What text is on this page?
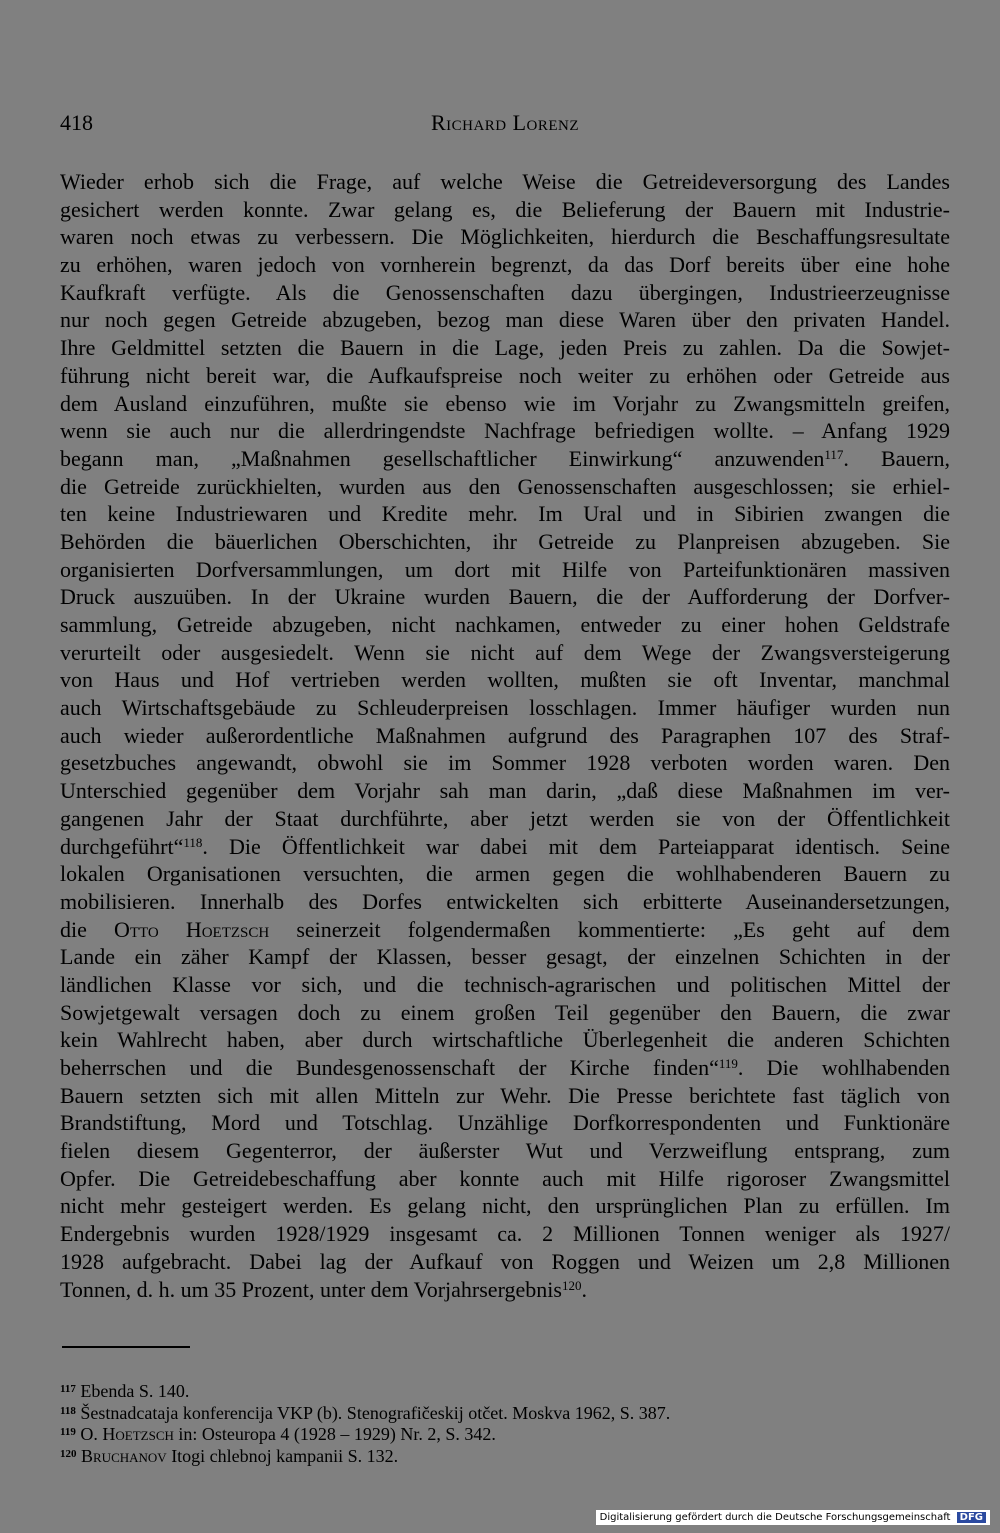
418	Richard Lorenz
Wieder erhob sich die Frage, auf welche Weise die Getreideversorgung des Landes
gesichert werden konnte. Zwar gelang es, die Belieferung der Bauern mit Industrie-
waren noch etwas zu verbessern. Die Möglichkeiten, hierdurch die Beschaffungsresultate
zu erhöhen, waren jedoch von vornherein begrenzt, da das Dorf bereits über eine hohe
Kaufkraft verfügte. Als die Genossenschaften dazu übergingen, Industrieerzeugnisse
nur noch gegen Getreide abzugeben, bezog man diese Waren über den privaten Handel.
Ihre Geldmittel setzten die Bauern in die Lage, jeden Preis zu zahlen. Da die Sowjet-
führung nicht bereit war, die Aufkaufspreise noch weiter zu erhöhen oder Getreide aus
dem Ausland einzuführen, mußte sie ebenso wie im Vorjahr zu Zwangsmitteln greifen,
wenn sie auch nur die allerdringendste Nachfrage befriedigen wollte. – Anfang 1929
begann man, „Maßnahmen gesellschaftlicher Einwirkung“ anzuwenden$^{117}$. Bauern,
die Getreide zurückhielten, wurden aus den Genossenschaften ausgeschlossen; sie erhiel-
ten keine Industriewaren und Kredite mehr. Im Ural und in Sibirien zwangen die
Behörden die bäuerlichen Oberschichten, ihr Getreide zu Planpreisen abzugeben. Sie
organisierten Dorfversammlungen, um dort mit Hilfe von Parteifunktionären massiven
Druck auszuüben. In der Ukraine wurden Bauern, die der Aufforderung der Dorfver-
sammlung, Getreide abzugeben, nicht nachkamen, entweder zu einer hohen Geldstrafe
verurteilt oder ausgesiedelt. Wenn sie nicht auf dem Wege der Zwangsversteigerung
von Haus und Hof vertrieben werden wollten, mußten sie oft Inventar, manchmal
auch Wirtschaftsgebäude zu Schleuderpreisen losschlagen. Immer häufiger wurden nun
auch wieder außerordentliche Maßnahmen aufgrund des Paragraphen 107 des Straf-
gesetzbuches angewandt, obwohl sie im Sommer 1928 verboten worden waren. Den
Unterschied gegenüber dem Vorjahr sah man darin, „daß diese Maßnahmen im ver-
gangenen Jahr der Staat durchführte, aber jetzt werden sie von der Öffentlichkeit
durchgeführt“$^{118}$. Die Öffentlichkeit war dabei mit dem Parteiapparat identisch. Seine
lokalen Organisationen versuchten, die armen gegen die wohlhabenderen Bauern zu
mobilisieren. Innerhalb des Dorfes entwickelten sich erbitterte Auseinandersetzungen,
die Otto Hoetzsch seinerzeit folgendermaßen kommentierte: „Es geht auf dem
Lande ein zäher Kampf der Klassen, besser gesagt, der einzelnen Schichten in der
ländlichen Klasse vor sich, und die technisch-agrarischen und politischen Mittel der
Sowjetgewalt versagen doch zu einem großen Teil gegenüber den Bauern, die zwar
kein Wahlrecht haben, aber durch wirtschaftliche Überlegenheit die anderen Schichten
beherrschen und die Bundesgenossenschaft der Kirche finden“$^{119}$. Die wohlhabenden
Bauern setzten sich mit allen Mitteln zur Wehr. Die Presse berichtete fast täglich von
Brandstiftung, Mord und Totschlag. Unzählige Dorfkorrespondenten und Funktionäre
fielen diesem Gegenterror, der äußerster Wut und Verzweiflung entsprang, zum
Opfer. Die Getreidebeschaffung aber konnte auch mit Hilfe rigoroser Zwangsmittel
nicht mehr gesteigert werden. Es gelang nicht, den ursprünglichen Plan zu erfüllen. Im
Endergebnis wurden 1928/1929 insgesamt ca. 2 Millionen Tonnen weniger als 1927/
1928 aufgebracht. Dabei lag der Aufkauf von Roggen und Weizen um 2,8 Millionen
Tonnen, d. h. um 35 Prozent, unter dem Vorjahrsergebnis$^{120}$.
$^{117}$ Ebenda S. 140.
$^{118}$ Šestnadcataja konferencija VKP (b). Stenografičeskij otčet. Moskva 1962, S. 387.
$^{119}$ O. Hoetzsch in: Osteuropa 4 (1928 – 1929) Nr. 2, S. 342.
$^{120}$ Bruchanov Itogi chlebnoj kampanii S. 132.
Digitalisierung gefördert durch die Deutsche Forschungsgemeinschaft DFG
